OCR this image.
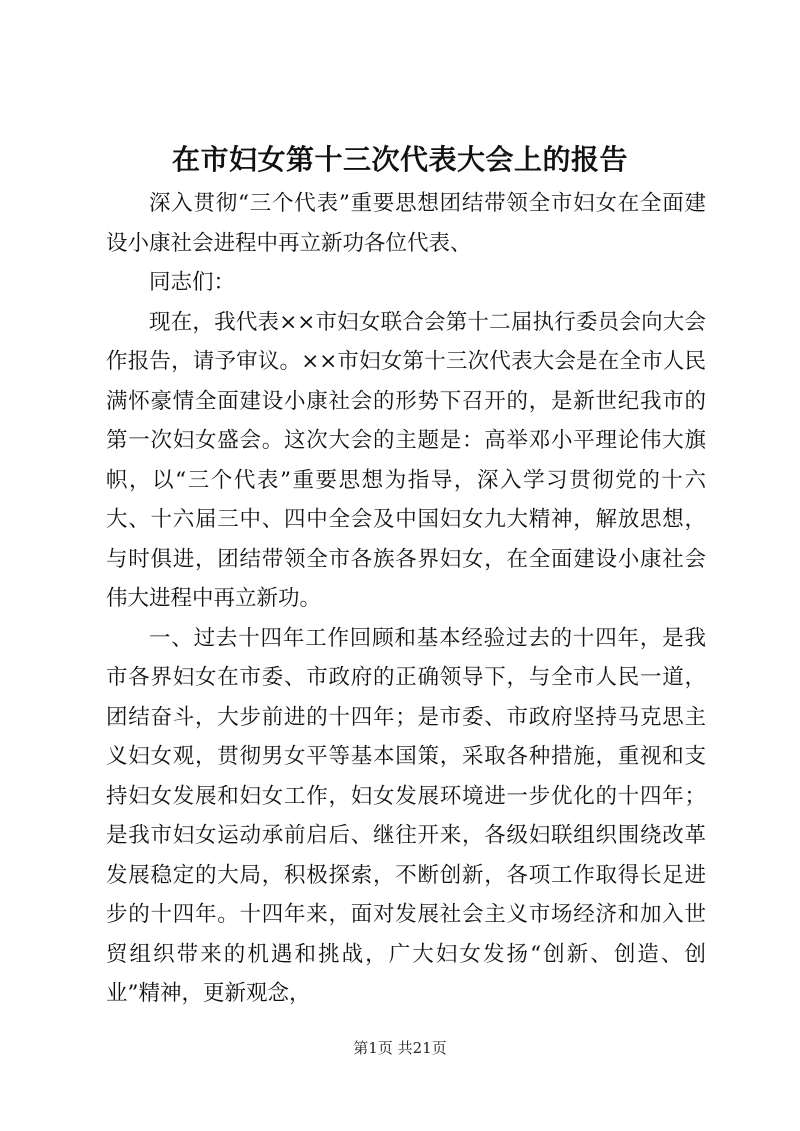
在市妇女第十三次代表大会上的报告

深入贯彻“三个代表”重要思想团结带领全市妇女在全面建设小康社会进程中再立新功各位代表、

同志们：

现在，我代表××市妇女联合会第十二届执行委员会向大会作报告，请予审议。××市妇女第十三次代表大会是在全市人民满怀豪情全面建设小康社会的形势下召开的，是新世纪我市的第一次妇女盛会。这次大会的主题是：高举邓小平理论伟大旗帜，以“三个代表”重要思想为指导，深入学习贯彻党的十六大、十六届三中、四中全会及中国妇女九大精神，解放思想，与时俱进，团结带领全市各族各界妇女，在全面建设小康社会伟大进程中再立新功。

一、过去十四年工作回顾和基本经验过去的十四年，是我市各界妇女在市委、市政府的正确领导下，与全市人民一道，团结奋斗，大步前进的十四年；是市委、市政府坚持马克思主义妇女观，贯彻男女平等基本国策，采取各种措施，重视和支持妇女发展和妇女工作，妇女发展环境进一步优化的十四年；是我市妇女运动承前启后、继往开来，各级妇联组织围绕改革发展稳定的大局，积极探索，不断创新，各项工作取得长足进步的十四年。十四年来，面对发展社会主义市场经济和加入世贸组织带来的机遇和挑战，广大妇女发扬“创新、创造、创业”精神，更新观念，

第1页 共21页
